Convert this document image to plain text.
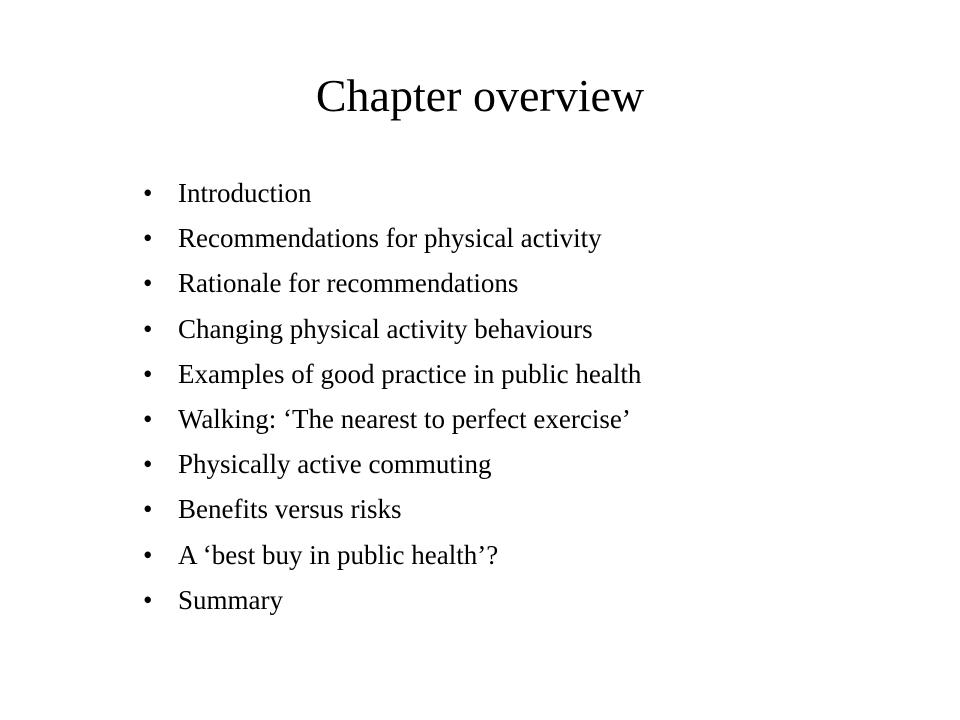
Chapter overview
• Introduction
• Recommendations for physical activity
• Rationale for recommendations
• Changing physical activity behaviours
• Examples of good practice in public health
• Walking: ‘The nearest to perfect exercise’
• Physically active commuting
• Benefits versus risks
• A ‘best buy in public health’?
• Summary
